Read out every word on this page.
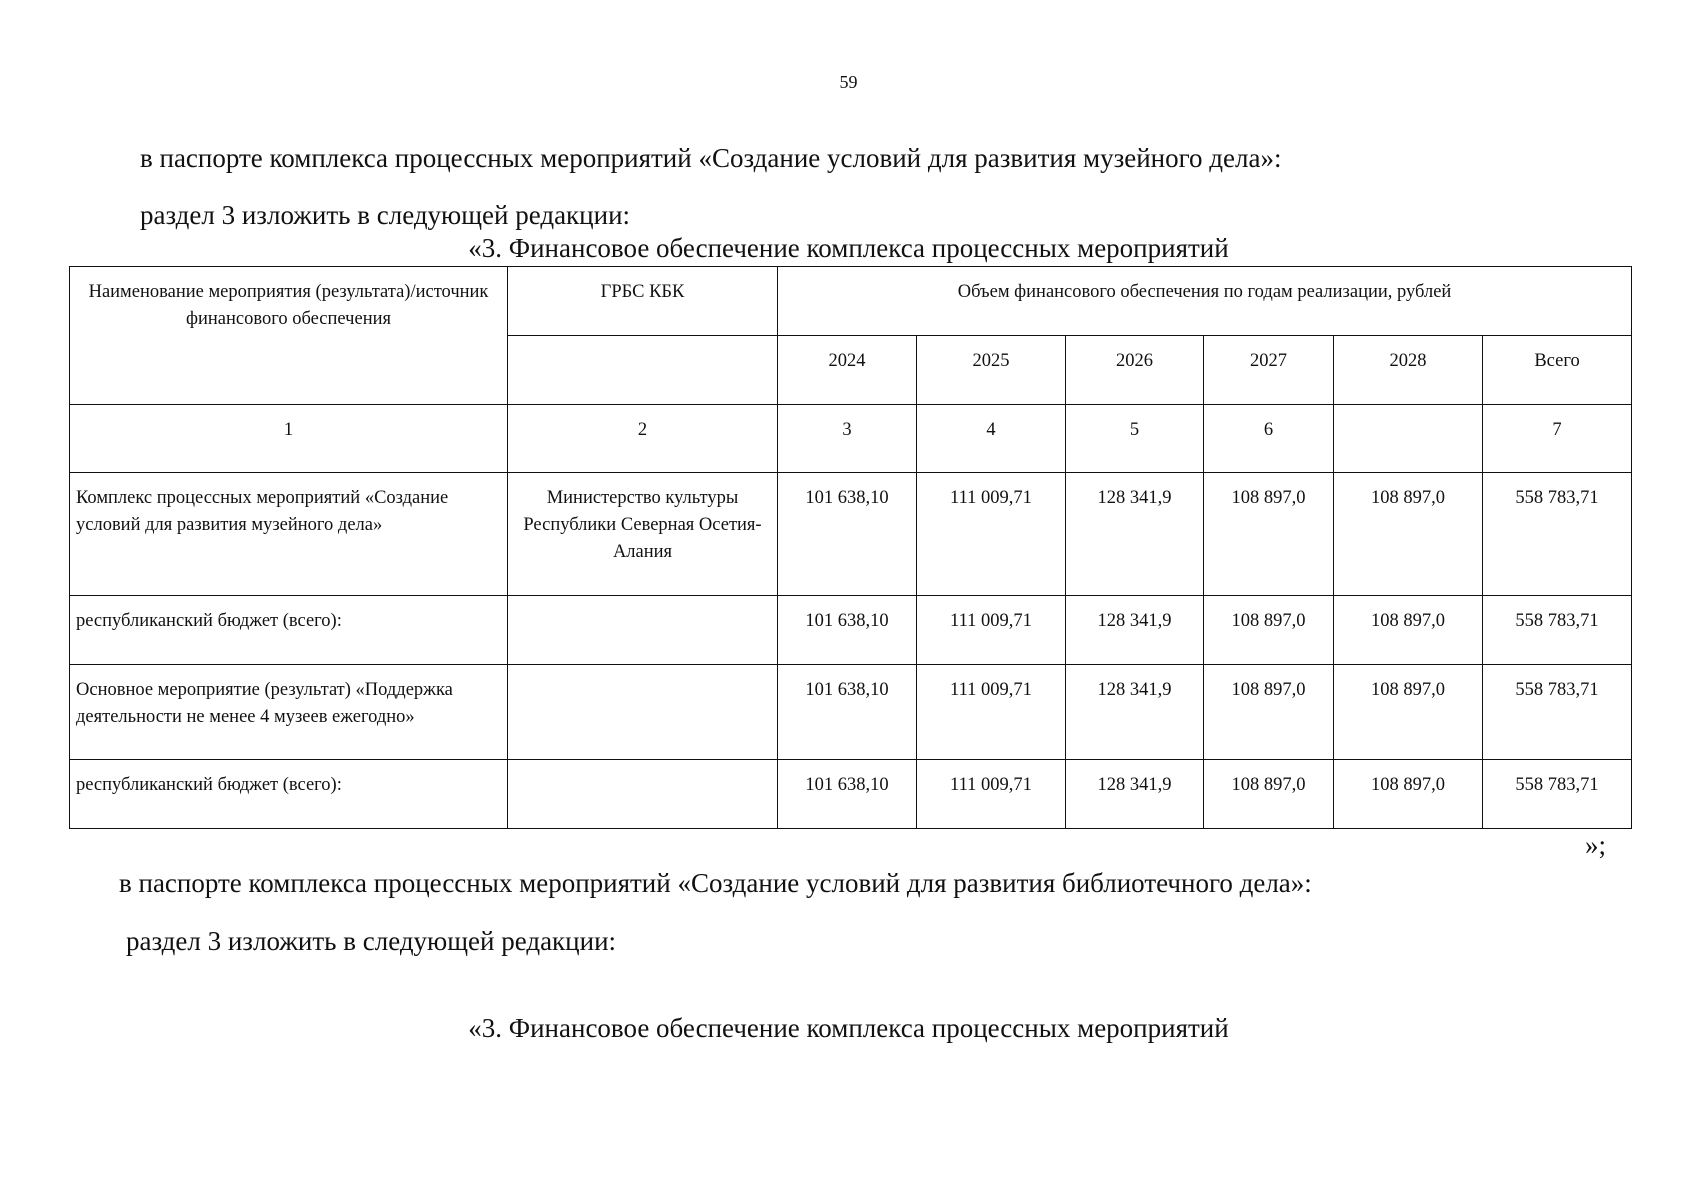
59

в паспорте комплекса процессных мероприятий «Создание условий для развития музейного дела»:

раздел 3 изложить в следующей редакции:

«3. Финансовое обеспечение комплекса процессных мероприятий

Наименование мероприятия (результата)/источник финансового обеспечения	ГРБС КБК	Объем финансового обеспечения по годам реализации, рублей					
		2024	2025	2026	2027	2028	Всего
1	2	3	4	5	6		7
Комплекс процессных мероприятий «Создание условий для развития музейного дела»	Министерство культуры Республики Северная Осетия-Алания	101 638,10	111 009,71	128 341,9	108 897,0	108 897,0	558 783,71
республиканский бюджет (всего):		101 638,10	111 009,71	128 341,9	108 897,0	108 897,0	558 783,71
Основное мероприятие (результат) «Поддержка деятельности не менее 4 музеев ежегодно»		101 638,10	111 009,71	128 341,9	108 897,0	108 897,0	558 783,71
республиканский бюджет (всего):		101 638,10	111 009,71	128 341,9	108 897,0	108 897,0	558 783,71
»;

в паспорте комплекса процессных мероприятий «Создание условий для развития библиотечного дела»:

раздел 3 изложить в следующей редакции:

«3. Финансовое обеспечение комплекса процессных мероприятий
